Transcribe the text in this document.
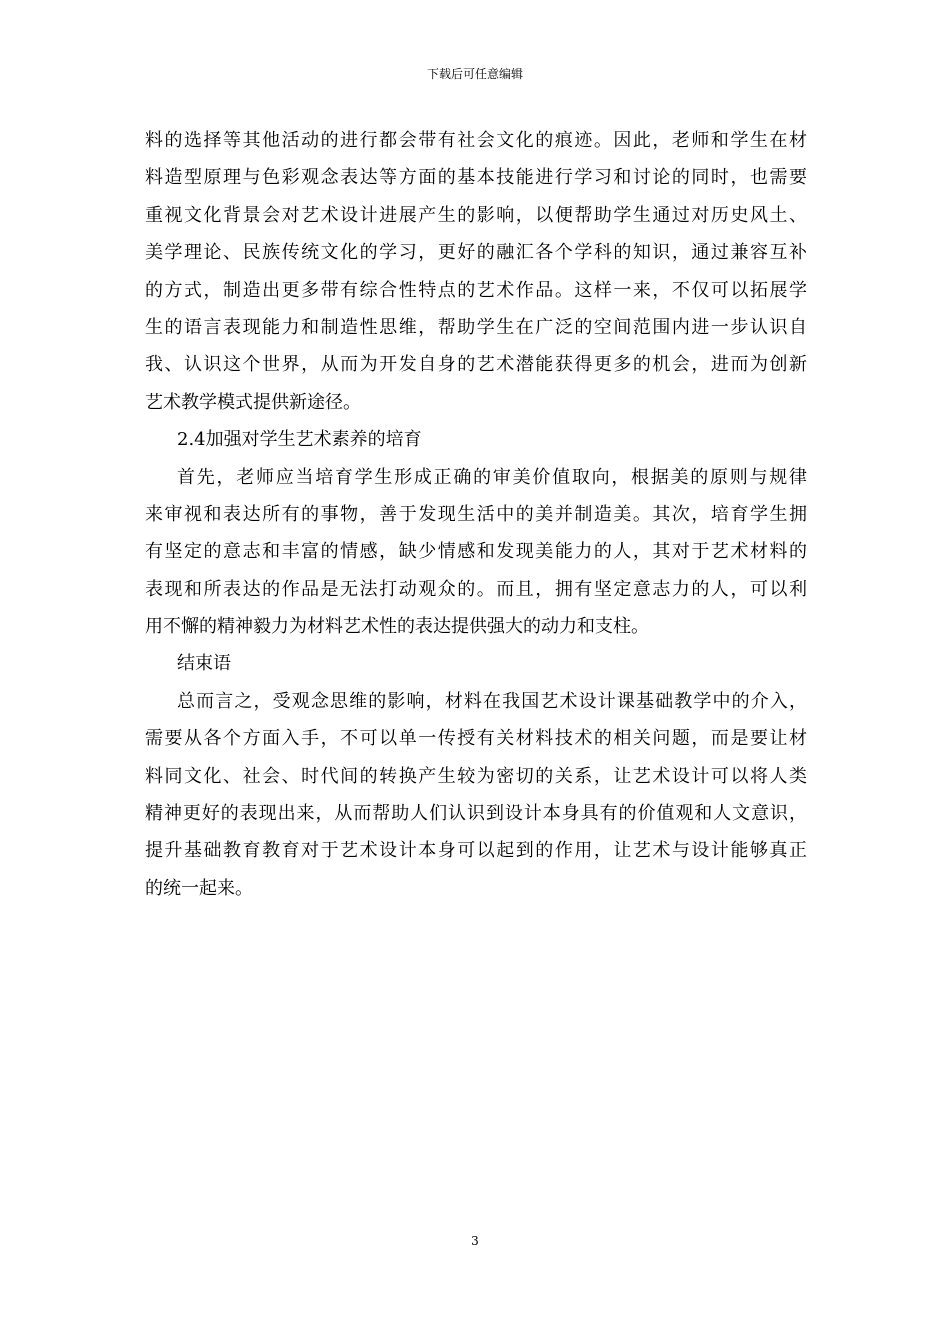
下载后可任意编辑
料的选择等其他活动的进行都会带有社会文化的痕迹。因此，老师和学生在材
料造型原理与色彩观念表达等方面的基本技能进行学习和讨论的同时，也需要
重视文化背景会对艺术设计进展产生的影响，以便帮助学生通过对历史风土、
美学理论、民族传统文化的学习，更好的融汇各个学科的知识，通过兼容互补
的方式，制造出更多带有综合性特点的艺术作品。这样一来，不仅可以拓展学
生的语言表现能力和制造性思维，帮助学生在广泛的空间范围内进一步认识自
我、认识这个世界，从而为开发自身的艺术潜能获得更多的机会，进而为创新
艺术教学模式提供新途径。
2.4加强对学生艺术素养的培育
首先，老师应当培育学生形成正确的审美价值取向，根据美的原则与规律
来审视和表达所有的事物，善于发现生活中的美并制造美。其次，培育学生拥
有坚定的意志和丰富的情感，缺少情感和发现美能力的人，其对于艺术材料的
表现和所表达的作品是无法打动观众的。而且，拥有坚定意志力的人，可以利
用不懈的精神毅力为材料艺术性的表达提供强大的动力和支柱。
结束语
总而言之，受观念思维的影响，材料在我国艺术设计课基础教学中的介入，
需要从各个方面入手，不可以单一传授有关材料技术的相关问题，而是要让材
料同文化、社会、时代间的转换产生较为密切的关系，让艺术设计可以将人类
精神更好的表现出来，从而帮助人们认识到设计本身具有的价值观和人文意识，
提升基础教育教育对于艺术设计本身可以起到的作用，让艺术与设计能够真正
的统一起来。
3
